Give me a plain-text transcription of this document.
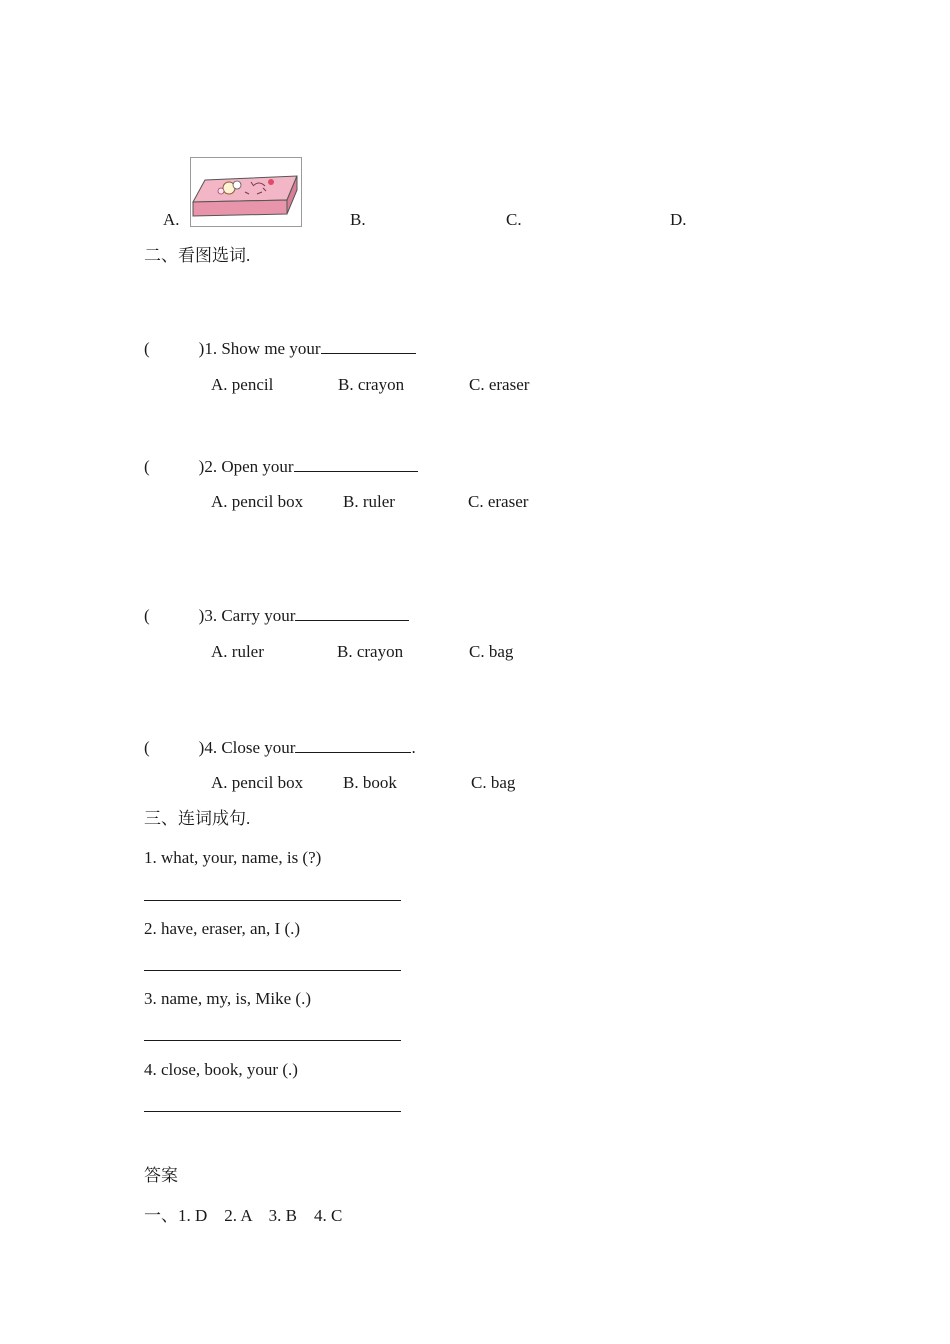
A.	B.	C.	D.
二、看图选词.
(	)1. Show me your
A. pencil	B. crayon	C. eraser
(	)2. Open your
A. pencil box B. ruler	C. eraser
(	)3. Carry your
A. ruler	B. crayon	C. bag
(	)4. Close your	.
A. pencil box B. book	C. bag
三、连词成句.
1. what, your, name, is (?)
2. have, eraser, an, I (.)
3. name, my, is, Mike (.)
4. close, book, your (.)
答案
一、1. D    2. A    3. B    4. C
